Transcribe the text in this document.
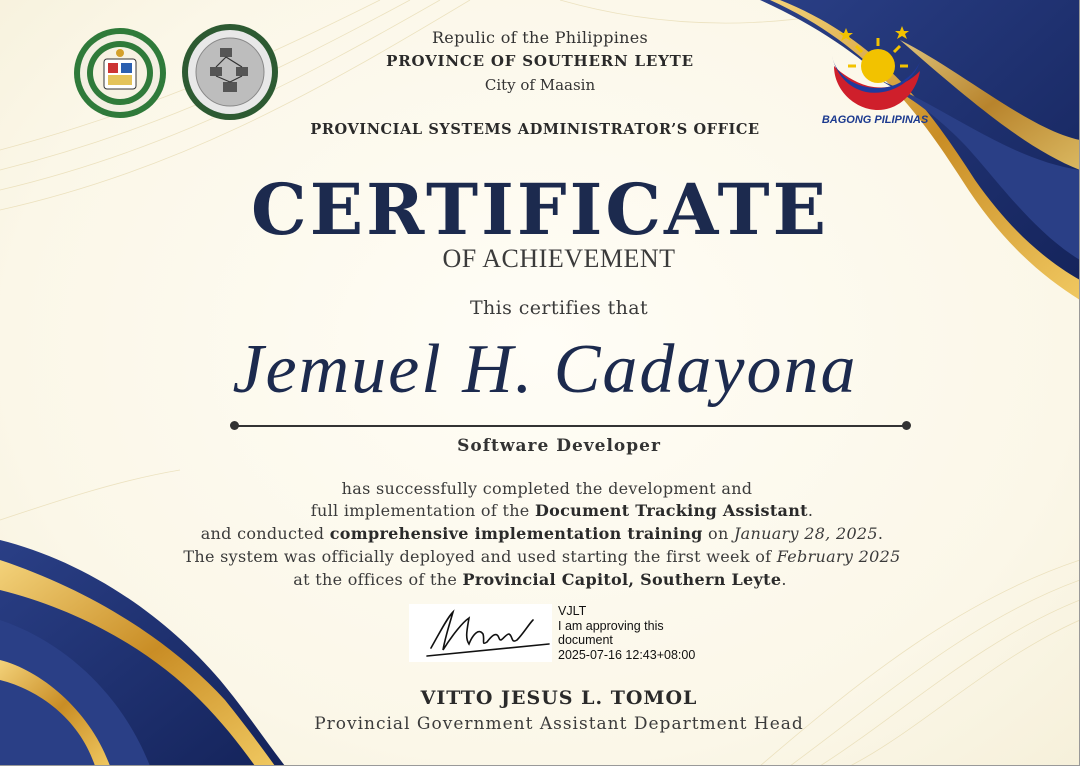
BAGONG PILIPINAS
Repulic of the Philippines
PROVINCE OF SOUTHERN LEYTE
City of Maasin
PROVINCIAL SYSTEMS ADMINISTRATOR’S OFFICE
CERTIFICATE
OF ACHIEVEMENT
This certifies that
Jemuel H. Cadayona
Software Developer
has successfully completed the development and
full implementation of the Document Tracking Assistant.
and conducted comprehensive implementation training on January 28, 2025.
The system was officially deployed and used starting the first week of February 2025
at the offices of the Provincial Capitol, Southern Leyte.
VJLT
I am approving this
document
2025-07-16 12:43+08:00
VITTO JESUS L. TOMOL
Provincial Government Assistant Department Head
